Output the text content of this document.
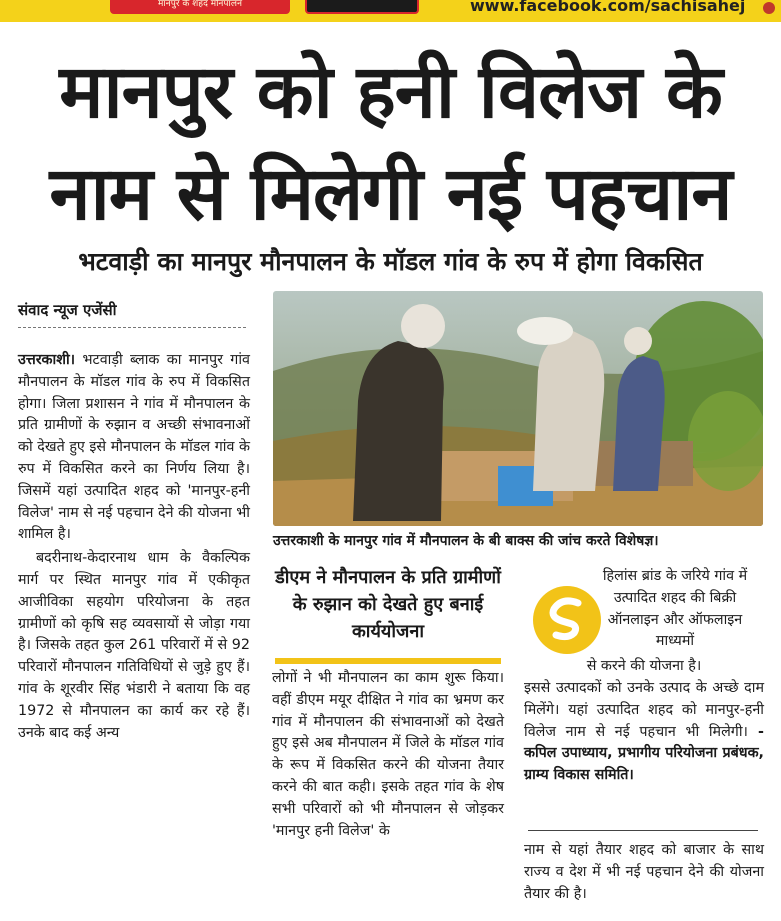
मानपुर के शहद मौनपालन	www.facebook.com/sachisahej
मानपुर को हनी विलेज के
नाम से मिलेगी नई पहचान
भटवाड़ी का मानपुर मौनपालन के मॉडल गांव के रुप में होगा विकसित
संवाद न्यूज एजेंसी

उत्तरकाशी। भटवाड़ी ब्लाक का मानपुर गांव मौनपालन के मॉडल गांव के रुप में विकसित होगा। जिला प्रशासन ने गांव में मौनपालन के प्रति ग्रामीणों के रुझान व अच्छी संभावनाओं को देखते हुए इसे मौनपालन के मॉडल गांव के रुप में विकसित करने का निर्णय लिया है। जिसमें यहां उत्पादित शहद को 'मानपुर-हनी विलेज' नाम से नई पहचान देने की योजना भी शामिल है।

बदरीनाथ-केदारनाथ धाम के वैकल्पिक मार्ग पर स्थित मानपुर गांव में एकीकृत आजीविका सहयोग परियोजना के तहत ग्रामीणों को कृषि सह व्यवसायों से जोड़ा गया है। जिसके तहत कुल 261 परिवारों में से 92 परिवारों मौनपालन गतिविधियों से जुड़े हुए हैं। गांव के शूरवीर सिंह भंडारी ने बताया कि वह 1972 से मौनपालन का कार्य कर रहे हैं। उनके बाद कई अन्य

उत्तरकाशी के मानपुर गांव में मौनपालन के बी बाक्स की जांच करते विशेषज्ञ।
डीएम ने मौनपालन के प्रति ग्रामीणों के रुझान को देखते हुए बनाई कार्ययोजना

लोगों ने भी मौनपालन का काम शुरू किया। वहीं डीएम मयूर दीक्षित ने गांव का भ्रमण कर गांव में मौनपालन की संभावनाओं को देखते हुए इसे अब मौनपालन में जिले के मॉडल गांव के रूप में विकसित करने की योजना तैयार करने की बात कही। इसके तहत गांव के शेष सभी परिवारों को भी मौनपालन से जोड़कर 'मानपुर हनी विलेज' के

हिलांस ब्रांड के जरिये गांव में उत्पादित शहद की बिक्री ऑनलाइन और ऑफलाइन माध्यमों
से करने की योजना है।
इससे उत्पादकों को उनके उत्पाद के अच्छे दाम मिलेंगे। यहां उत्पादित शहद को मानपुर-हनी विलेज नाम से नई पहचान भी मिलेगी। - कपिल उपाध्याय, प्रभागीय परियोजना प्रबंधक, ग्राम्य विकास समिति।

नाम से यहां तैयार शहद को बाजार के साथ राज्य व देश में भी नई पहचान देने की योजना तैयार की है।
